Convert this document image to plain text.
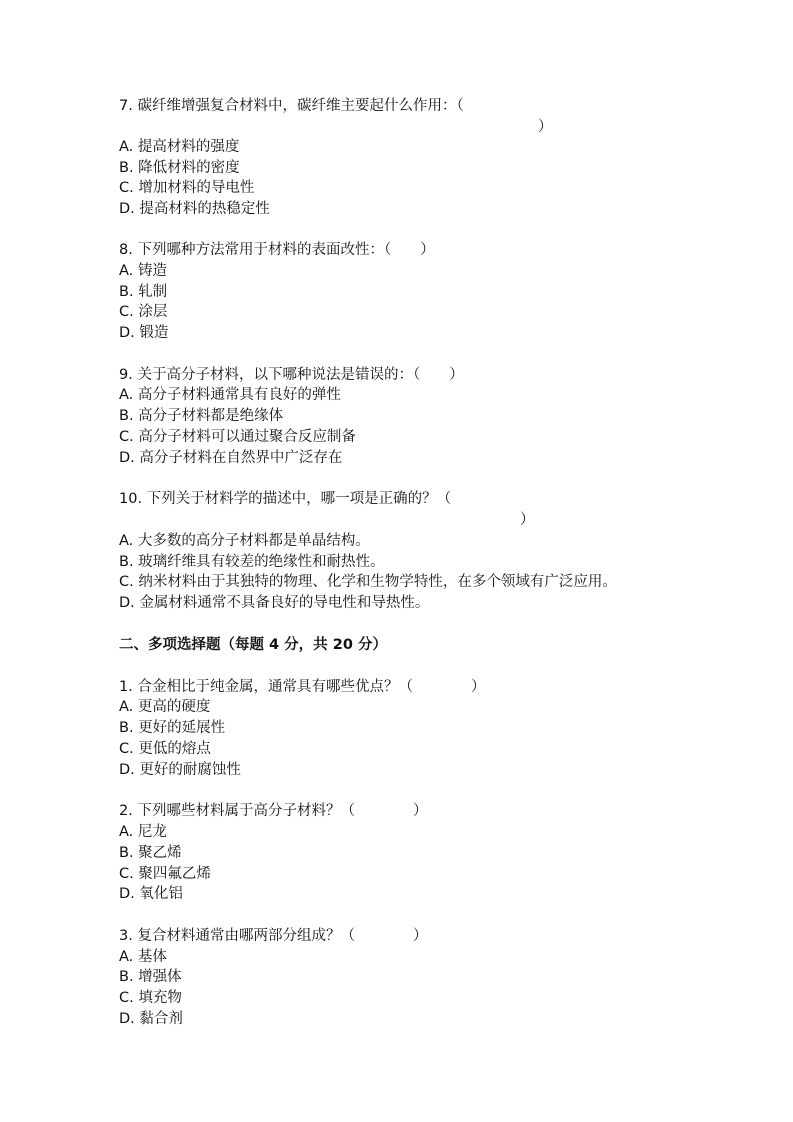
7. 碳纤维增强复合材料中，碳纤维主要起什么作用：（
）
A. 提高材料的强度
B. 降低材料的密度
C. 增加材料的导电性
D. 提高材料的热稳定性
8. 下列哪种方法常用于材料的表面改性：（　　）
A. 铸造
B. 轧制
C. 涂层
D. 锻造
9. 关于高分子材料，以下哪种说法是错误的：（　　）
A. 高分子材料通常具有良好的弹性
B. 高分子材料都是绝缘体
C. 高分子材料可以通过聚合反应制备
D. 高分子材料在自然界中广泛存在
10. 下列关于材料学的描述中，哪一项是正确的？（
）
A. 大多数的高分子材料都是单晶结构。
B. 玻璃纤维具有较差的绝缘性和耐热性。
C. 纳米材料由于其独特的物理、化学和生物学特性，在多个领域有广泛应用。
D. 金属材料通常不具备良好的导电性和导热性。
二、多项选择题（每题 4 分，共 20 分）
1. 合金相比于纯金属，通常具有哪些优点？（　　　　）
A. 更高的硬度
B. 更好的延展性
C. 更低的熔点
D. 更好的耐腐蚀性
2. 下列哪些材料属于高分子材料？（　　　　）
A. 尼龙
B. 聚乙烯
C. 聚四氟乙烯
D. 氧化铝
3. 复合材料通常由哪两部分组成？（　　　　）
A. 基体
B. 增强体
C. 填充物
D. 黏合剂
